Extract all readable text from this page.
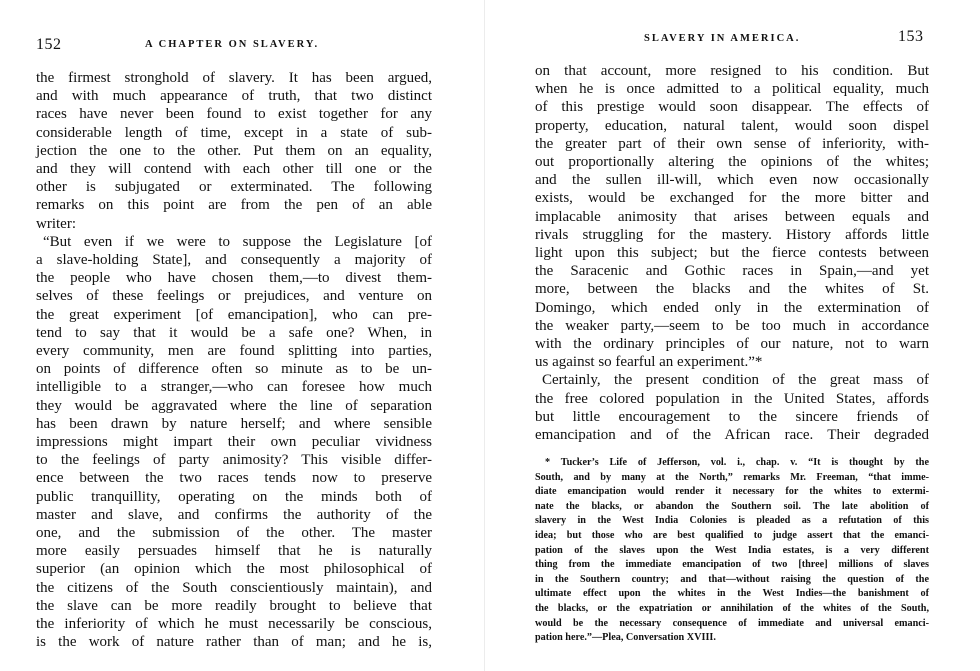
152	A CHAPTER ON SLAVERY.
the firmest stronghold of slavery. It has been argued,
and with much appearance of truth, that two distinct
races have never been found to exist together for any
considerable length of time, except in a state of sub-
jection the one to the other. Put them on an equality,
and they will contend with each other till one or the
other is subjugated or exterminated. The following
remarks on this point are from the pen of an able
writer:
“But even if we were to suppose the Legislature [of
a slave-holding State], and consequently a majority of
the people who have chosen them,—to divest them-
selves of these feelings or prejudices, and venture on
the great experiment [of emancipation], who can pre-
tend to say that it would be a safe one? When, in
every community, men are found splitting into parties,
on points of difference often so minute as to be un-
intelligible to a stranger,—who can foresee how much
they would be aggravated where the line of separation
has been drawn by nature herself; and where sensible
impressions might impart their own peculiar vividness
to the feelings of party animosity? This visible differ-
ence between the two races tends now to preserve
public tranquillity, operating on the minds both of
master and slave, and confirms the authority of the
one, and the submission of the other. The master
more easily persuades himself that he is naturally
superior (an opinion which the most philosophical of
the citizens of the South conscientiously maintain), and
the slave can be more readily brought to believe that
the inferiority of which he must necessarily be conscious,
is the work of nature rather than of man; and he is,
SLAVERY IN AMERICA.	153
on that account, more resigned to his condition. But
when he is once admitted to a political equality, much
of this prestige would soon disappear. The effects of
property, education, natural talent, would soon dispel
the greater part of their own sense of inferiority, with-
out proportionally altering the opinions of the whites;
and the sullen ill-will, which even now occasionally
exists, would be exchanged for the more bitter and
implacable animosity that arises between equals and
rivals struggling for the mastery. History affords little
light upon this subject; but the fierce contests between
the Saracenic and Gothic races in Spain,—and yet
more, between the blacks and the whites of St.
Domingo, which ended only in the extermination of
the weaker party,—seem to be too much in accordance
with the ordinary principles of our nature, not to warn
us against so fearful an experiment.”*
Certainly, the present condition of the great mass of
the free colored population in the United States, affords
but little encouragement to the sincere friends of
emancipation and of the African race. Their degraded
* Tucker’s Life of Jefferson, vol. i., chap. v. “It is thought by the
South, and by many at the North,” remarks Mr. Freeman, “that imme-
diate emancipation would render it necessary for the whites to extermi-
nate the blacks, or abandon the Southern soil. The late abolition of
slavery in the West India Colonies is pleaded as a refutation of this
idea; but those who are best qualified to judge assert that the emanci-
pation of the slaves upon the West India estates, is a very different
thing from the immediate emancipation of two [three] millions of slaves
in the Southern country; and that—without raising the question of the
ultimate effect upon the whites in the West Indies—the banishment of
the blacks, or the expatriation or annihilation of the whites of the South,
would be the necessary consequence of immediate and universal emanci-
pation here.”—Plea, Conversation XVIII.
